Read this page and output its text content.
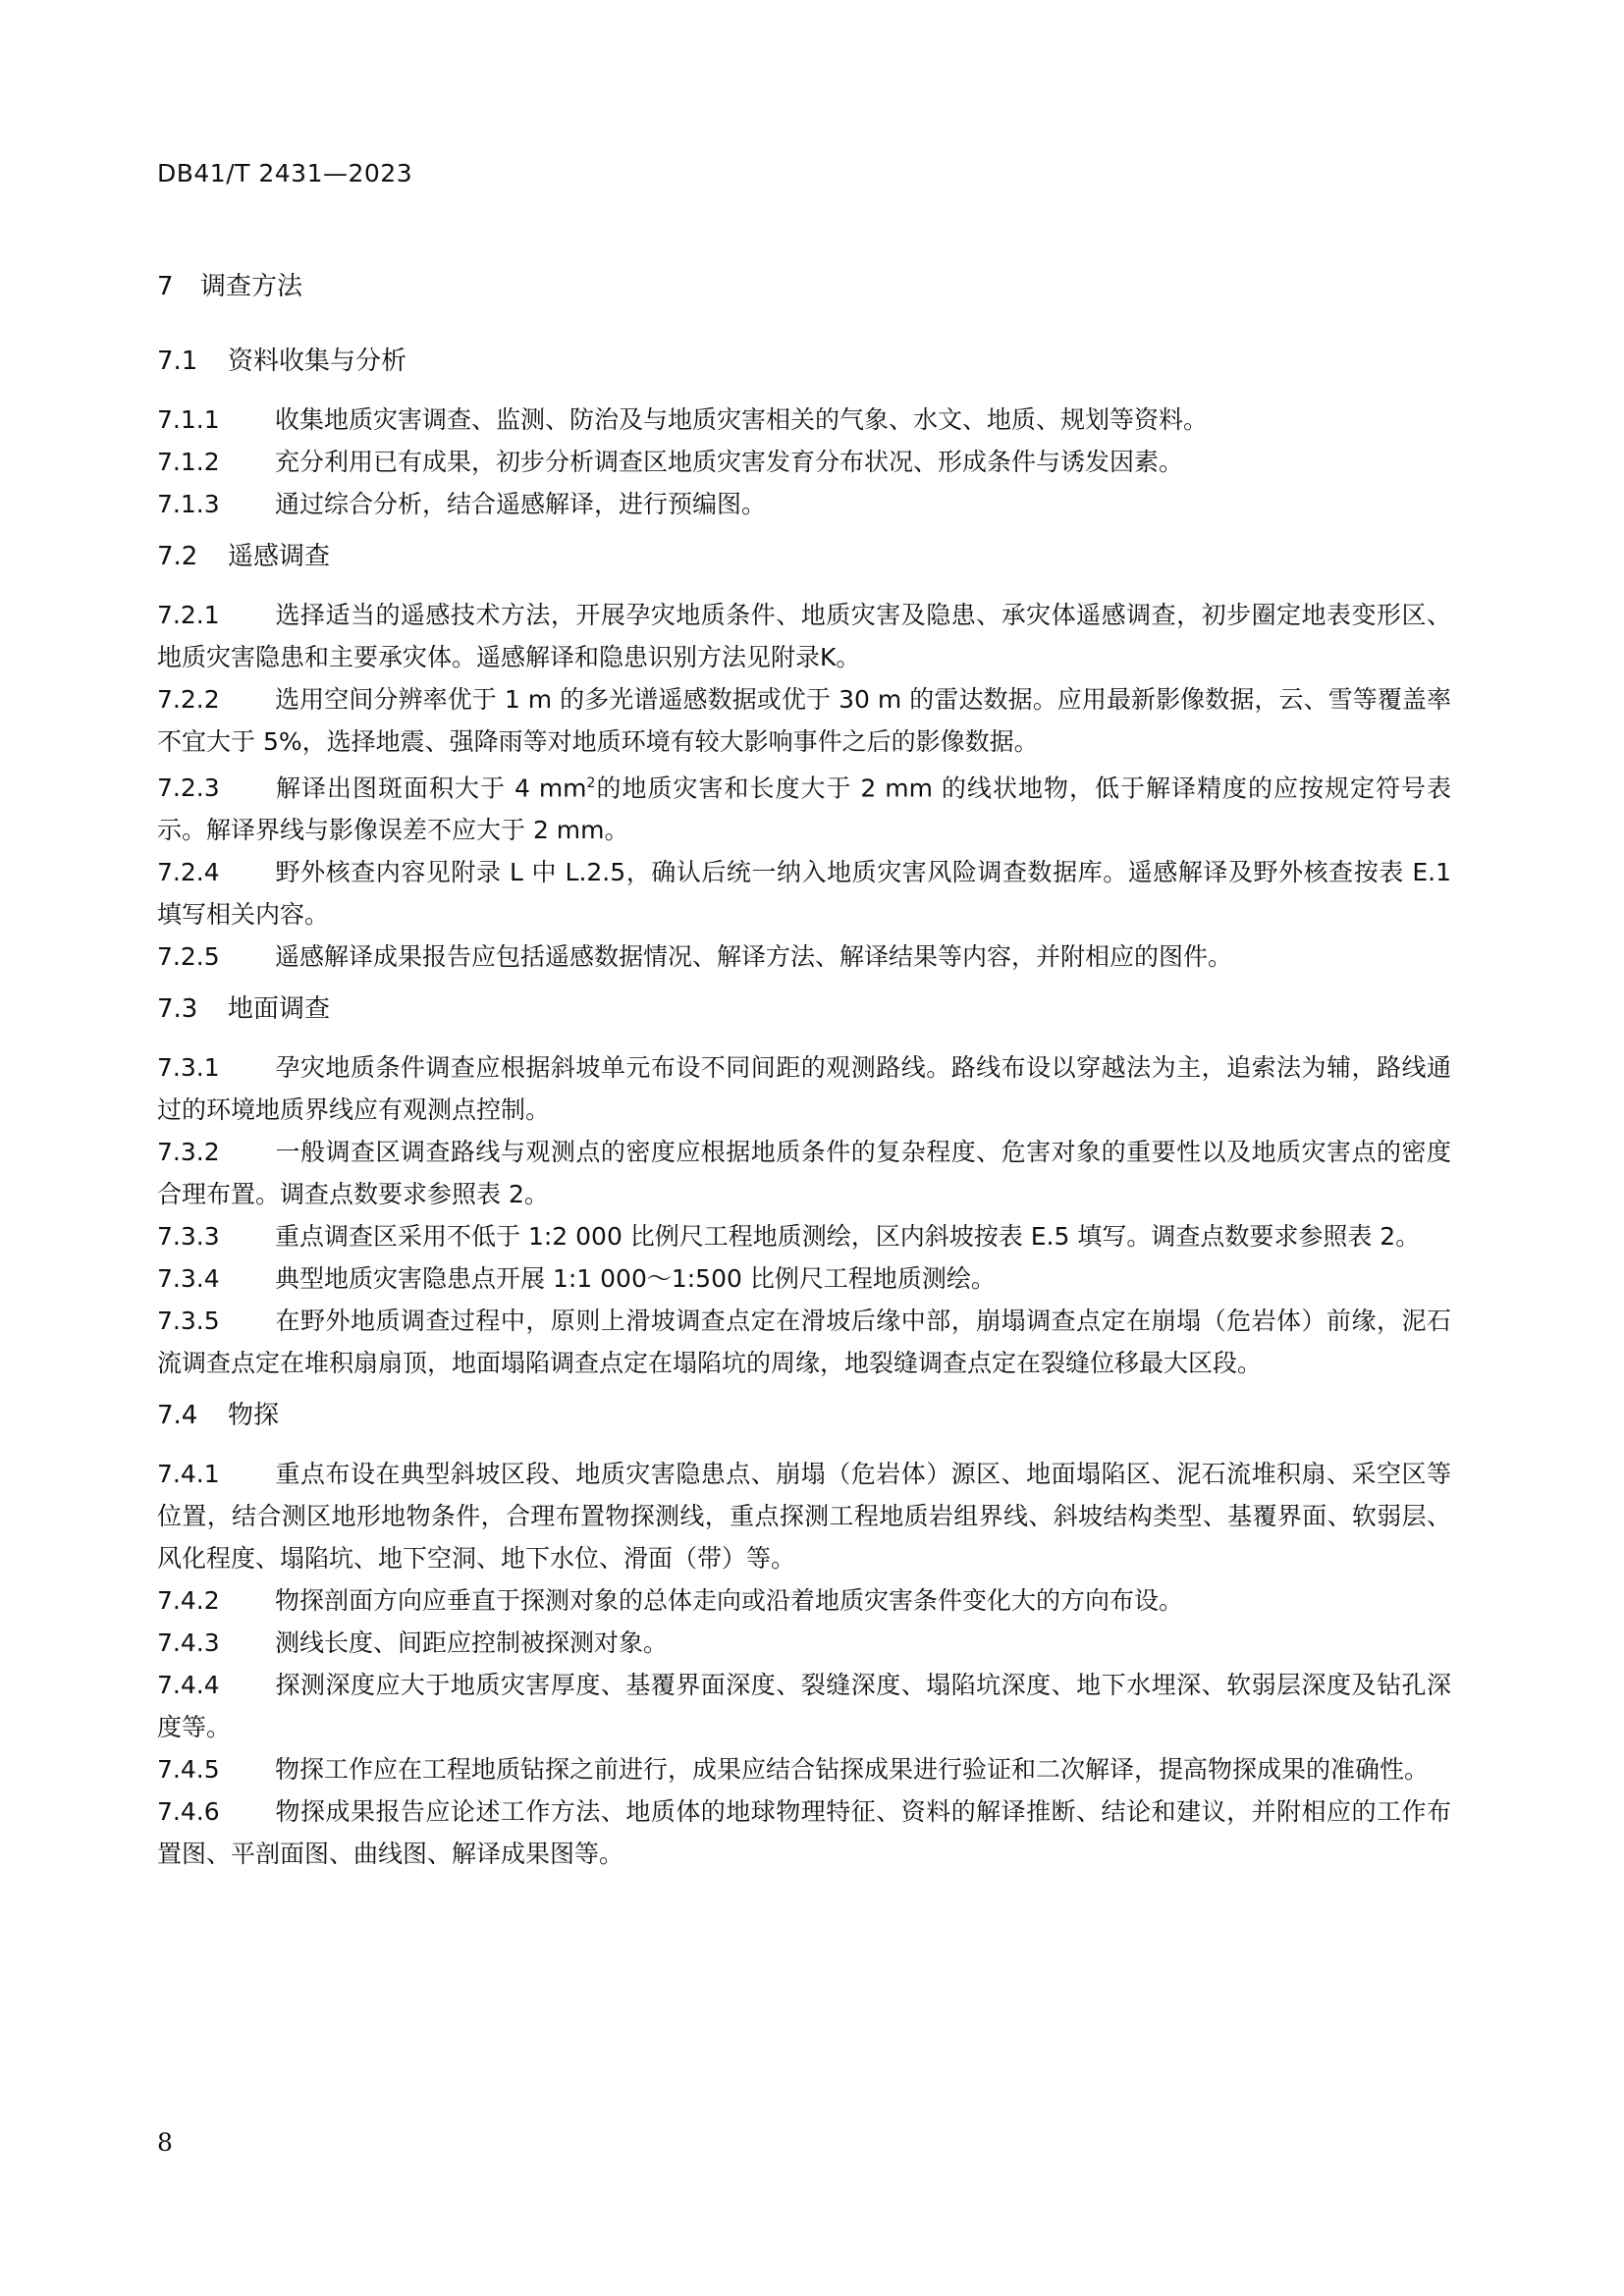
DB41/T 2431—2023
7 调查方法
7.1 资料收集与分析

7.1.1 收集地质灾害调查、监测、防治及与地质灾害相关的气象、水文、地质、规划等资料。

7.1.2 充分利用已有成果，初步分析调查区地质灾害发育分布状况、形成条件与诱发因素。

7.1.3 通过综合分析，结合遥感解译，进行预编图。

7.2 遥感调查

7.2.1 选择适当的遥感技术方法，开展孕灾地质条件、地质灾害及隐患、承灾体遥感调查，初步圈定地表变形区、地质灾害隐患和主要承灾体。遥感解译和隐患识别方法见附录K。

7.2.2 选用空间分辨率优于 1 m 的多光谱遥感数据或优于 30 m 的雷达数据。应用最新影像数据，云、雪等覆盖率不宜大于 5%，选择地震、强降雨等对地质环境有较大影响事件之后的影像数据。

7.2.3 解译出图斑面积大于 4 $mm^2$的地质灾害和长度大于 2 mm 的线状地物，低于解译精度的应按规定符号表示。解译界线与影像误差不应大于 2 mm。

7.2.4 野外核查内容见附录 L 中 L.2.5，确认后统一纳入地质灾害风险调查数据库。遥感解译及野外核查按表 E.1 填写相关内容。

7.2.5 遥感解译成果报告应包括遥感数据情况、解译方法、解译结果等内容，并附相应的图件。

7.3 地面调查

7.3.1 孕灾地质条件调查应根据斜坡单元布设不同间距的观测路线。路线布设以穿越法为主，追索法为辅，路线通过的环境地质界线应有观测点控制。

7.3.2 一般调查区调查路线与观测点的密度应根据地质条件的复杂程度、危害对象的重要性以及地质灾害点的密度合理布置。调查点数要求参照表 2。

7.3.3 重点调查区采用不低于 1:2 000 比例尺工程地质测绘，区内斜坡按表 E.5 填写。调查点数要求参照表 2。

7.3.4 典型地质灾害隐患点开展 1:1 000～1:500 比例尺工程地质测绘。

7.3.5 在野外地质调查过程中，原则上滑坡调查点定在滑坡后缘中部，崩塌调查点定在崩塌（危岩体）前缘，泥石流调查点定在堆积扇扇顶，地面塌陷调查点定在塌陷坑的周缘，地裂缝调查点定在裂缝位移最大区段。

7.4 物探

7.4.1 重点布设在典型斜坡区段、地质灾害隐患点、崩塌（危岩体）源区、地面塌陷区、泥石流堆积扇、采空区等位置，结合测区地形地物条件，合理布置物探测线，重点探测工程地质岩组界线、斜坡结构类型、基覆界面、软弱层、风化程度、塌陷坑、地下空洞、地下水位、滑面（带）等。

7.4.2 物探剖面方向应垂直于探测对象的总体走向或沿着地质灾害条件变化大的方向布设。

7.4.3 测线长度、间距应控制被探测对象。

7.4.4 探测深度应大于地质灾害厚度、基覆界面深度、裂缝深度、塌陷坑深度、地下水埋深、软弱层深度及钻孔深度等。

7.4.5 物探工作应在工程地质钻探之前进行，成果应结合钻探成果进行验证和二次解译，提高物探成果的准确性。

7.4.6 物探成果报告应论述工作方法、地质体的地球物理特征、资料的解译推断、结论和建议，并附相应的工作布置图、平剖面图、曲线图、解译成果图等。

8
